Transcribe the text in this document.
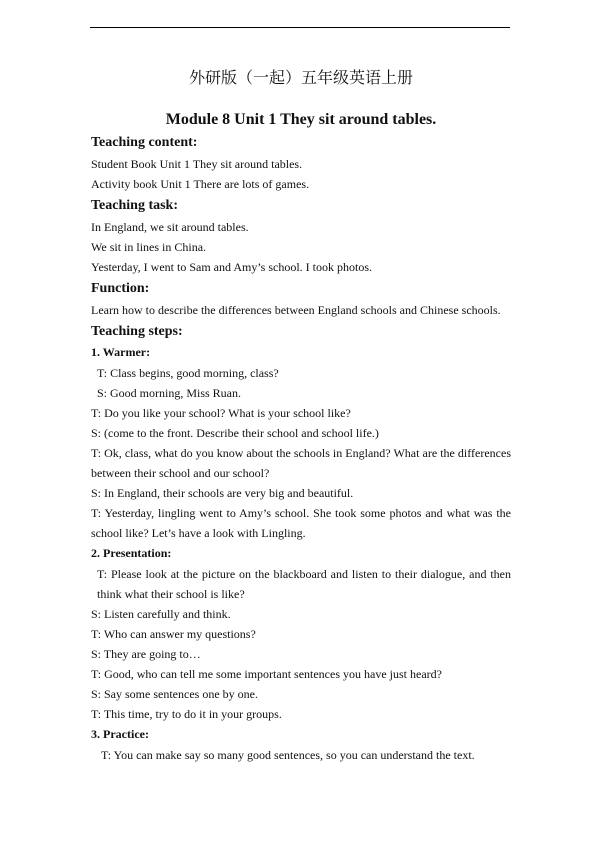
外研版（一起）五年级英语上册
Module 8 Unit 1 They sit around tables.
Teaching content:

Student Book Unit 1 They sit around tables.

Activity book Unit 1 There are lots of games.

Teaching task:

In England, we sit around tables.

We sit in lines in China.

Yesterday, I went to Sam and Amy’s school. I took photos.

Function:

Learn how to describe the differences between England schools and Chinese schools.

Teaching steps:
1. Warmer:

T: Class begins, good morning, class?

S: Good morning, Miss Ruan.

T: Do you like your school? What is your school like?

S: (come to the front. Describe their school and school life.)

T: Ok, class, what do you know about the schools in England? What are the differences between their school and our school?

S: In England, their schools are very big and beautiful.

T: Yesterday, lingling went to Amy’s school. She took some photos and what was the school like? Let’s have a look with Lingling.

2. Presentation:

T: Please look at the picture on the blackboard and listen to their dialogue, and then think what their school is like?

S: Listen carefully and think.

T: Who can answer my questions?

S: They are going to…

T: Good, who can tell me some important sentences you have just heard?

S: Say some sentences one by one.

T: This time, try to do it in your groups.

3. Practice:

T: You can make say so many good sentences, so you can understand the text.
